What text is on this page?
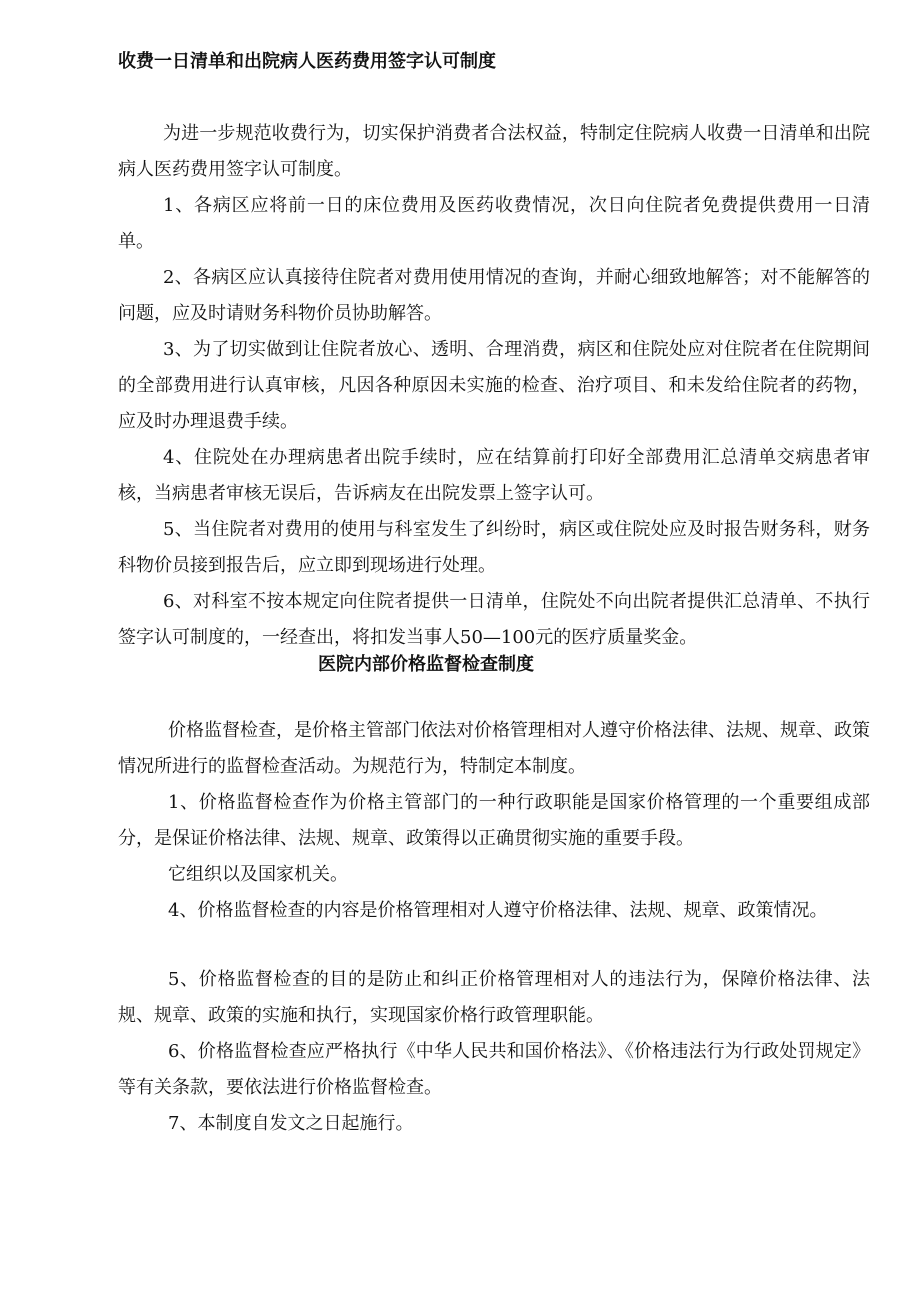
收费一日清单和出院病人医药费用签字认可制度

为进一步规范收费行为，切实保护消费者合法权益，特制定住院病人收费一日清单和出院病人医药费用签字认可制度。

1、各病区应将前一日的床位费用及医药收费情况，次日向住院者免费提供费用一日清单。

2、各病区应认真接待住院者对费用使用情况的查询，并耐心细致地解答；对不能解答的问题，应及时请财务科物价员协助解答。

3、为了切实做到让住院者放心、透明、合理消费，病区和住院处应对住院者在住院期间的全部费用进行认真审核，凡因各种原因未实施的检查、治疗项目、和未发给住院者的药物，应及时办理退费手续。

4、住院处在办理病患者出院手续时，应在结算前打印好全部费用汇总清单交病患者审核，当病患者审核无误后，告诉病友在出院发票上签字认可。

5、当住院者对费用的使用与科室发生了纠纷时，病区或住院处应及时报告财务科，财务科物价员接到报告后，应立即到现场进行处理。

6、对科室不按本规定向住院者提供一日清单，住院处不向出院者提供汇总清单、不执行签字认可制度的，一经查出，将扣发当事人50—100元的医疗质量奖金。

医院内部价格监督检查制度

价格监督检查，是价格主管部门依法对价格管理相对人遵守价格法律、法规、规章、政策情况所进行的监督检查活动。为规范行为，特制定本制度。

1、价格监督检查作为价格主管部门的一种行政职能是国家价格管理的一个重要组成部分，是保证价格法律、法规、规章、政策得以正确贯彻实施的重要手段。

它组织以及国家机关。

4、价格监督检查的内容是价格管理相对人遵守价格法律、法规、规章、政策情况。

5、价格监督检查的目的是防止和纠正价格管理相对人的违法行为，保障价格法律、法规、规章、政策的实施和执行，实现国家价格行政管理职能。

6、价格监督检查应严格执行《中华人民共和国价格法》、《价格违法行为行政处罚规定》等有关条款，要依法进行价格监督检查。

7、本制度自发文之日起施行。
